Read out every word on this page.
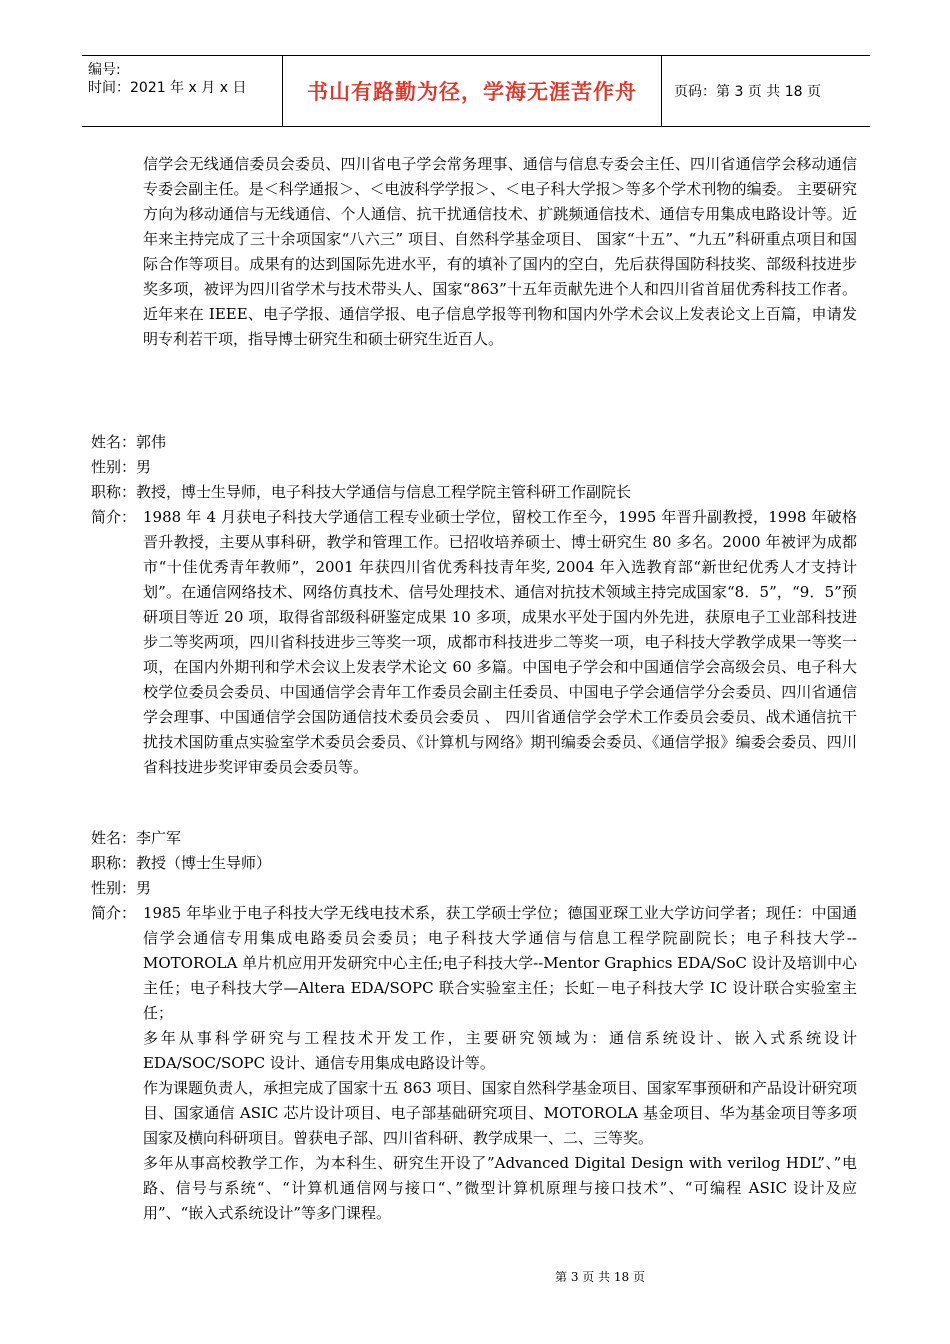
编号:
时间：2021 年 x 月 x 日	书山有路勤为径，学海无涯苦作舟	页码：第 3 页 共 18 页
信学会无线通信委员会委员、四川省电子学会常务理事、通信与信息专委会主任、四川省通信学会移动通信专委会副主任。是＜科学通报＞、＜电波科学学报＞、＜电子科大学报＞等多个学术刊物的编委。 主要研究方向为移动通信与无线通信、个人通信、抗干扰通信技术、扩跳频通信技术、通信专用集成电路设计等。近年来主持完成了三十余项国家“八六三” 项目、自然科学基金项目、 国家“十五”、“九五”科研重点项目和国际合作等项目。成果有的达到国际先进水平，有的填补了国内的空白，先后获得国防科技奖、部级科技进步奖多项，被评为四川省学术与技术带头人、国家“863”十五年贡献先进个人和四川省首届优秀科技工作者。近年来在 IEEE、电子学报、通信学报、电子信息学报等刊物和国内外学术会议上发表论文上百篇，申请发明专利若干项，指导博士研究生和硕士研究生近百人。
姓名：郭伟
性别：男
职称：教授，博士生导师，电子科技大学通信与信息工程学院主管科研工作副院长
简介： 1988 年 4 月获电子科技大学通信工程专业硕士学位，留校工作至今，1995 年晋升副教授，1998 年破格晋升教授，主要从事科研，教学和管理工作。已招收培养硕士、博士研究生 80 多名。2000 年被评为成都市“十佳优秀青年教师”，2001 年获四川省优秀科技青年奖, 2004 年入选教育部“新世纪优秀人才支持计划”。在通信网络技术、网络仿真技术、信号处理技术、通信对抗技术领域主持完成国家“8．5”，“9．5”预研项目等近 20 项，取得省部级科研鉴定成果 10 多项，成果水平处于国内外先进，获原电子工业部科技进步二等奖两项，四川省科技进步三等奖一项，成都市科技进步二等奖一项，电子科技大学教学成果一等奖一项，在国内外期刊和学术会议上发表学术论文 60 多篇。中国电子学会和中国通信学会高级会员、电子科大校学位委员会委员、中国通信学会青年工作委员会副主任委员、中国电子学会通信学分会委员、四川省通信学会理事、中国通信学会国防通信技术委员会委员 、 四川省通信学会学术工作委员会委员、战术通信抗干扰技术国防重点实验室学术委员会委员、《计算机与网络》期刊编委会委员、《通信学报》编委会委员、四川省科技进步奖评审委员会委员等。
姓名：李广军
职称：教授（博士生导师）
性别：男
简介： 1985 年毕业于电子科技大学无线电技术系，获工学硕士学位；德国亚琛工业大学访问学者；现任：中国通信学会通信专用集成电路委员会委员；电子科技大学通信与信息工程学院副院长；电子科技大学--MOTOROLA 单片机应用开发研究中心主任;电子科技大学--Mentor Graphics EDA/SoC 设计及培训中心主任；电子科技大学—Altera EDA/SOPC 联合实验室主任；长虹－电子科技大学 IC 设计联合实验室主任；

多年从事科学研究与工程技术开发工作，主要研究领域为：通信系统设计、嵌入式系统设计EDA/SOC/SOPC 设计、通信专用集成电路设计等。

作为课题负责人，承担完成了国家十五 863 项目、国家自然科学基金项目、国家军事预研和产品设计研究项目、国家通信 ASIC 芯片设计项目、电子部基础研究项目、MOTOROLA 基金项目、华为基金项目等多项国家及横向科研项目。曾获电子部、四川省科研、教学成果一、二、三等奖。

多年从事高校教学工作，为本科生、研究生开设了”Advanced Digital Design with verilog HDL”、”电路、信号与系统“、“计算机通信网与接口“、”微型计算机原理与接口技术”、“可编程 ASIC 设计及应用”、“嵌入式系统设计”等多门课程。

第 3 页 共 18 页
